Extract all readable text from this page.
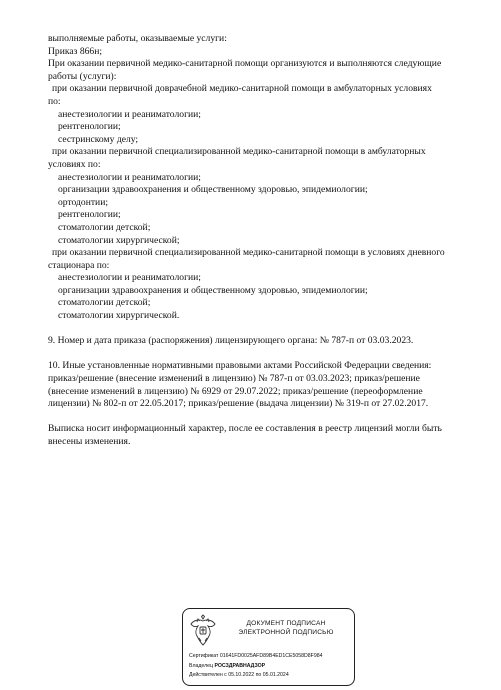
выполняемые работы, оказываемые услуги:

Приказ 866н;

При оказании первичной медико-санитарной помощи организуются и выполняются следующие

работы (услуги):

при оказании первичной доврачебной медико-санитарной помощи в амбулаторных условиях

по:

анестезиологии и реаниматологии;

рентгенологии;

сестринскому делу;

при оказании первичной специализированной медико-санитарной помощи в амбулаторных

условиях по:

анестезиологии и реаниматологии;

организации здравоохранения и общественному здоровью, эпидемиологии;

ортодонтии;

рентгенологии;

стоматологии детской;

стоматологии хирургической;

при оказании первичной специализированной медико-санитарной помощи в условиях дневного

стационара по:

анестезиологии и реаниматологии;

организации здравоохранения и общественному здоровью, эпидемиологии;

стоматологии детской;

стоматологии хирургической.

9. Номер и дата приказа (распоряжения) лицензирующего органа: № 787-п от 03.03.2023.

10. Иные установленные нормативными правовыми актами Российской Федерации сведения:

приказ/решение (внесение изменений в лицензию) № 787-п от 03.03.2023; приказ/решение

(внесение изменений в лицензию) № 6929 от 29.07.2022; приказ/решение (переоформление

лицензии) № 802-п от 22.05.2017; приказ/решение (выдача лицензии) № 319-п от 27.02.2017.

Выписка носит информационный характер, после ее составления в реестр лицензий могли быть

внесены изменения.

ДОКУМЕНТ ПОДПИСАН
ЭЛЕКТРОННОЙ ПОДПИСЬЮ
Сертификат 01641FD0025AFD89B4ED1CE5058D8F984
Владелец РОСЗДРАВНАДЗОР
Действителен с 05.10.2022 по 05.01.2024
